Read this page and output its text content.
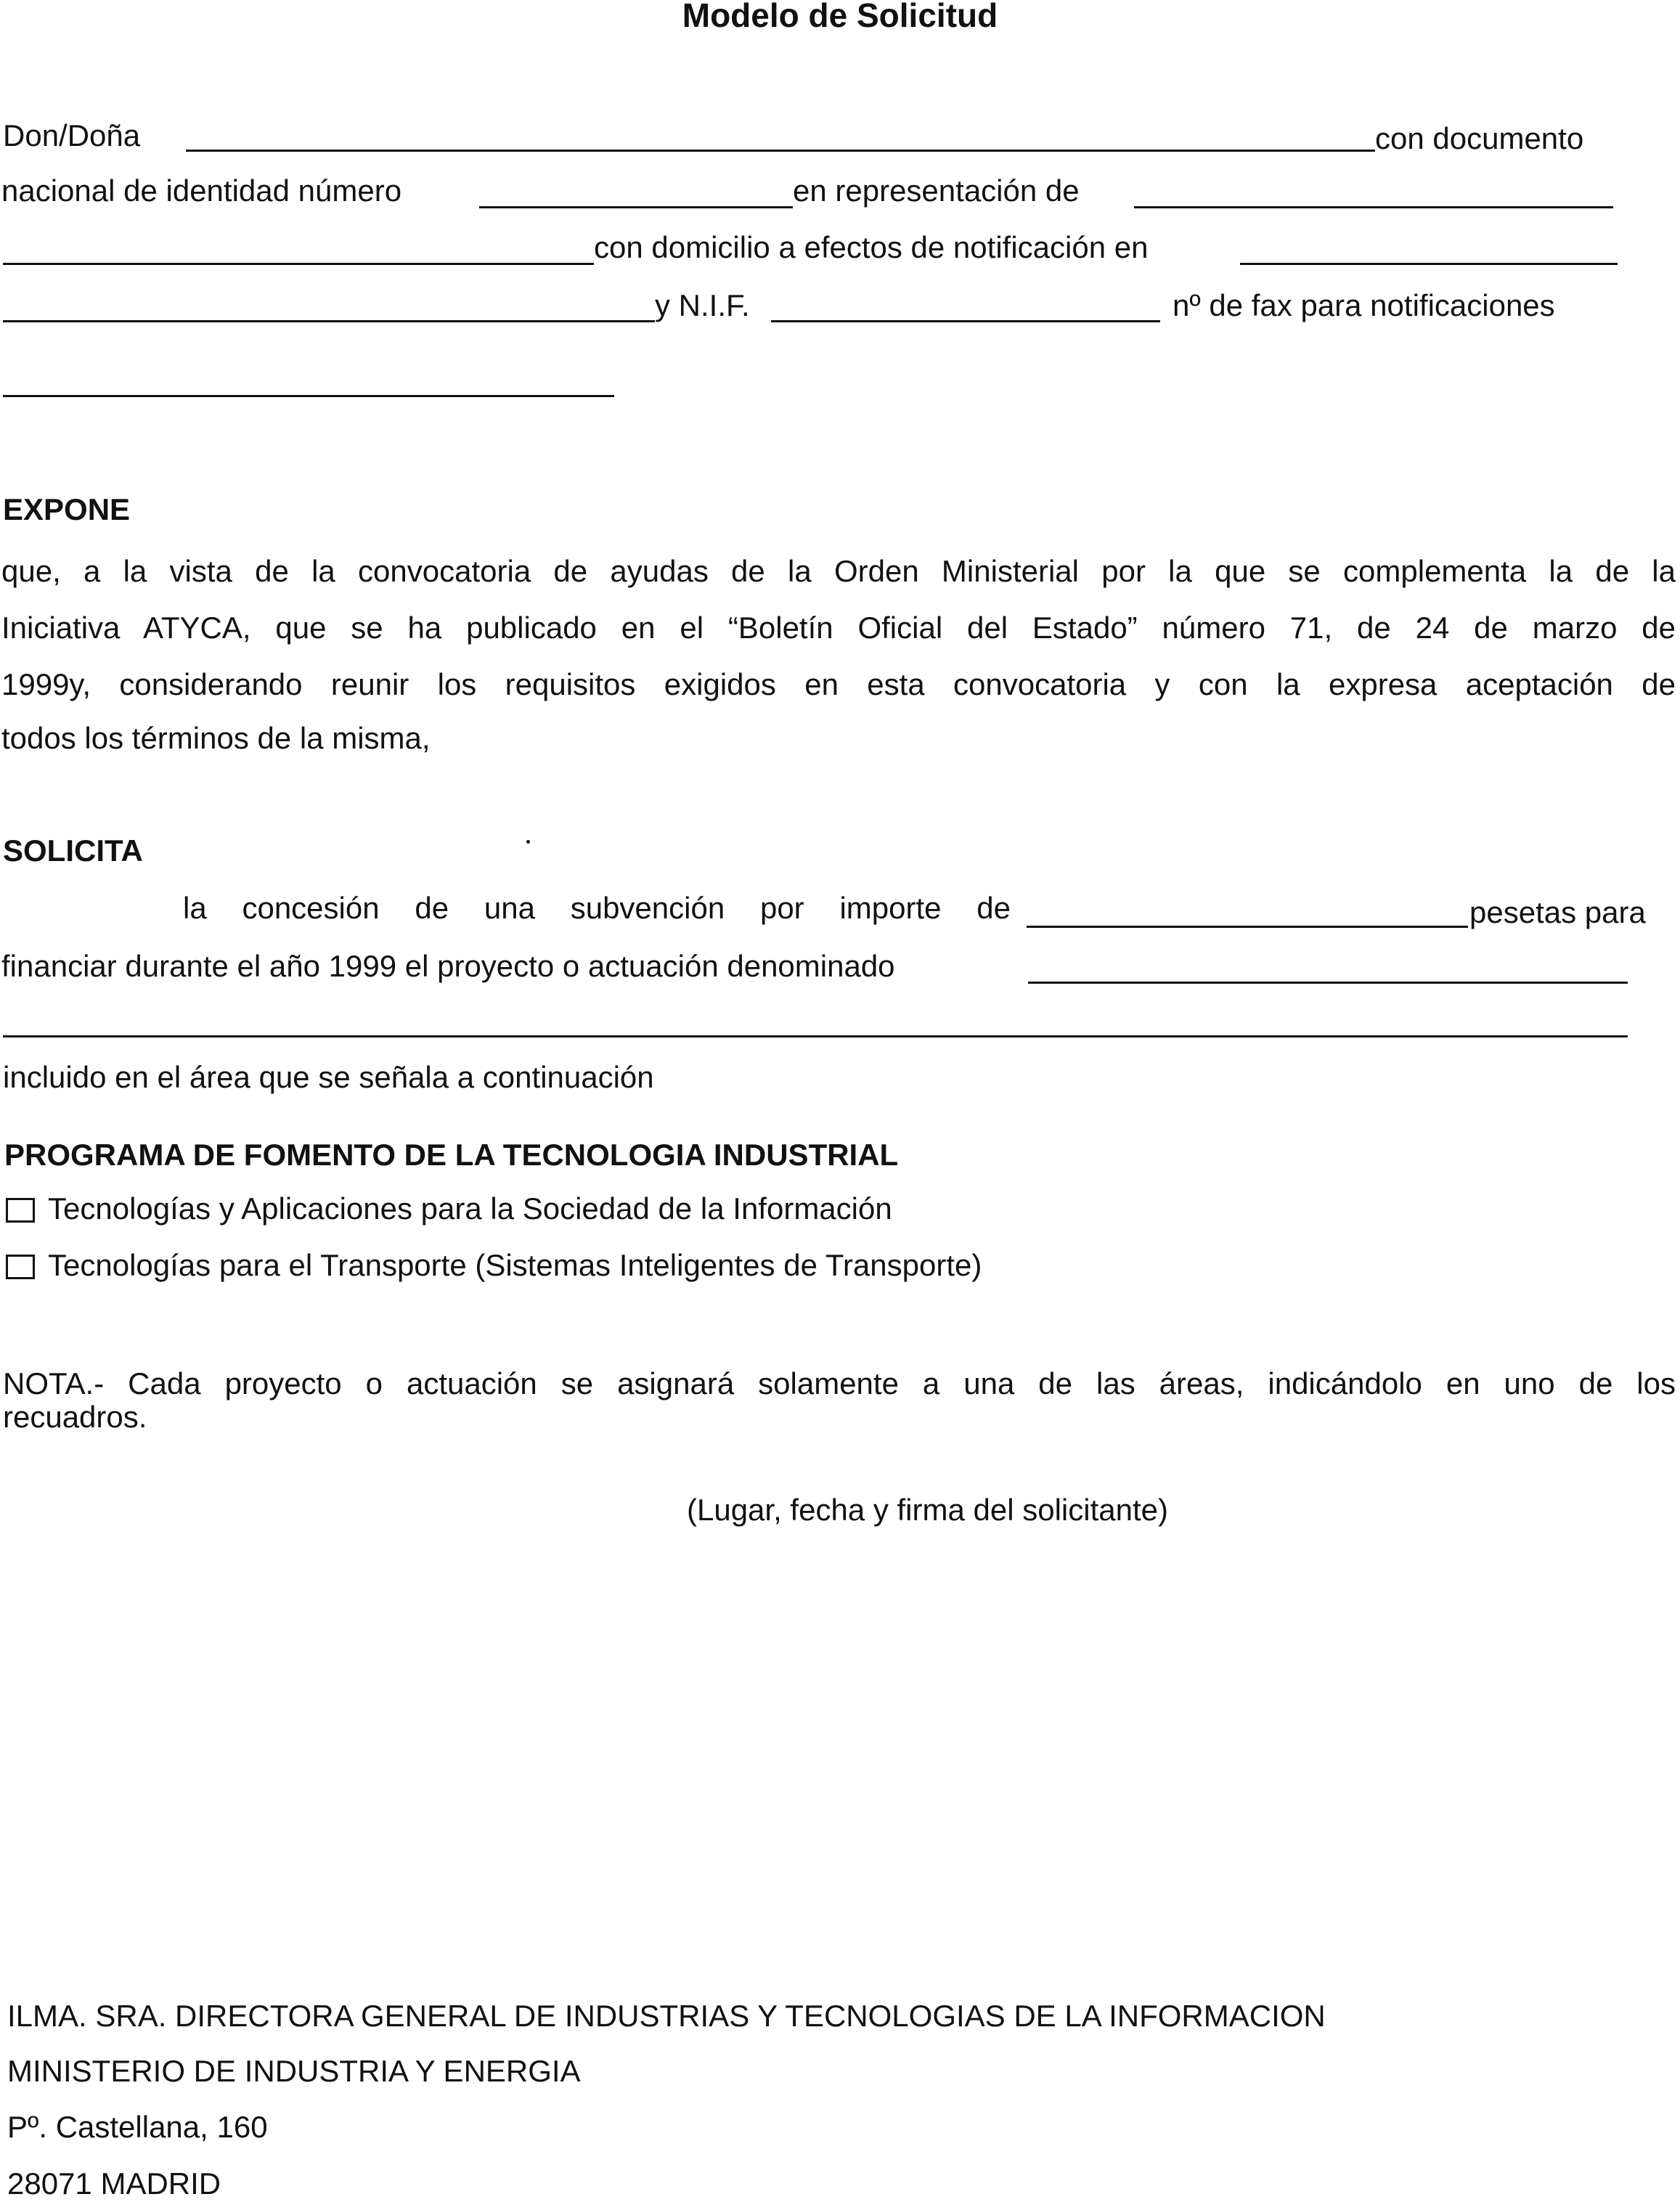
Modelo de Solicitud
Don/Doña	con documento
nacional de identidad número	en representación de
con domicilio a efectos de notificación en
y N.I.F.	nº de fax para notificaciones
EXPONE
que, a la vista de la convocatoria de ayudas de la Orden Ministerial por la que se complementa la de la
Iniciativa ATYCA, que se ha publicado en el “Boletín Oficial del Estado” número 71, de 24 de marzo de
1999y, considerando reunir los requisitos exigidos en esta convocatoria y con la expresa aceptación de
todos los términos de la misma,
SOLICITA
la concesión de una subvención por importe de	pesetas para
financiar durante el año 1999 el proyecto o actuación denominado
incluido en el área que se señala a continuación
PROGRAMA DE FOMENTO DE LA TECNOLOGIA INDUSTRIAL
Tecnologías y Aplicaciones para la Sociedad de la Información
Tecnologías para el Transporte (Sistemas Inteligentes de Transporte)
NOTA.- Cada proyecto o actuación se asignará solamente a una de las áreas, indicándolo en uno de los
recuadros.
(Lugar, fecha y firma del solicitante)
ILMA. SRA. DIRECTORA GENERAL DE INDUSTRIAS Y TECNOLOGIAS DE LA INFORMACION
MINISTERIO DE INDUSTRIA Y ENERGIA
Pº. Castellana, 160
28071 MADRID
